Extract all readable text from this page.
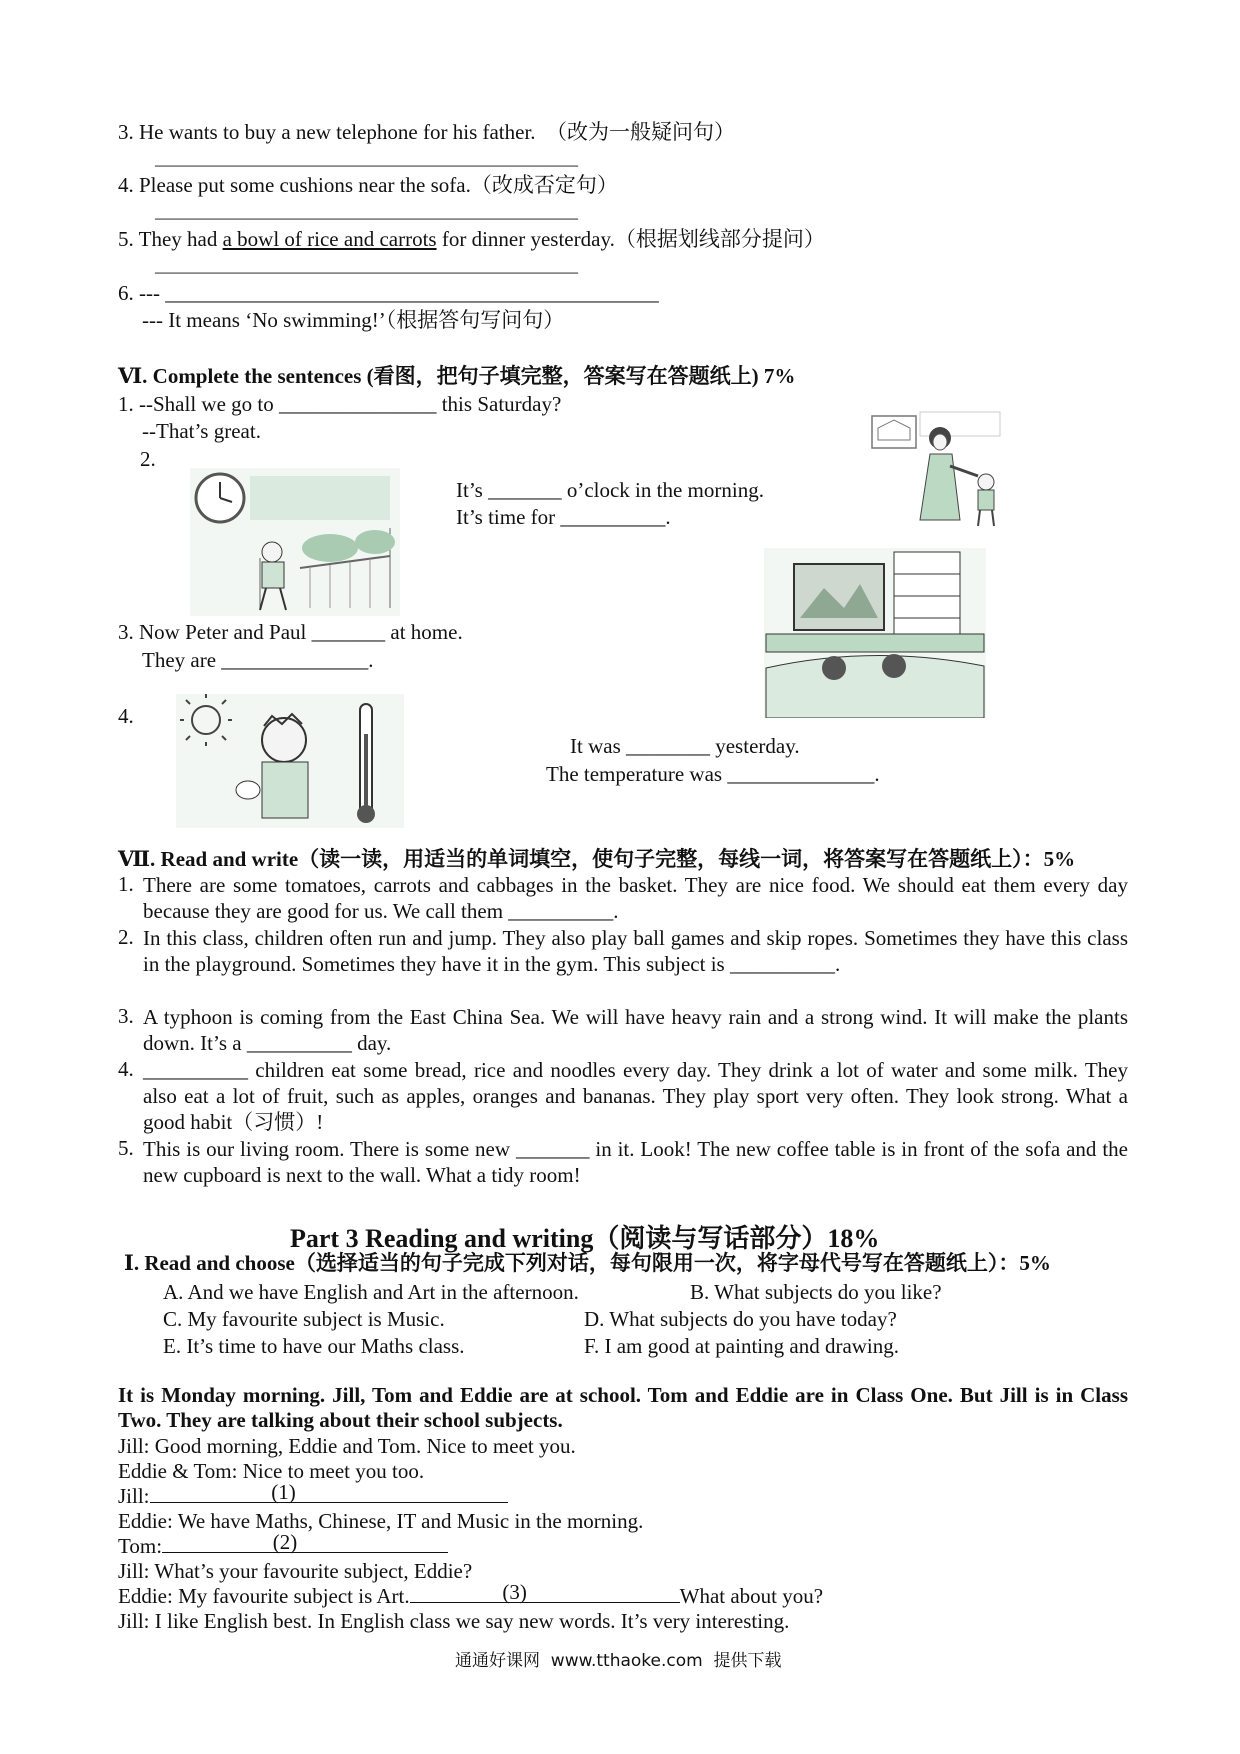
3. He wants to buy a new telephone for his father.  （改为一般疑问句）
_______________________________________________
4. Please put some cushions near the sofa.（改成否定句）
_______________________________________________
5. They had a bowl of rice and carrots for dinner yesterday.（根据划线部分提问）
_______________________________________________
6. --- _______________________________________________
--- It means ‘No swimming!’（根据答句写问句）
Ⅵ. Complete the sentences (看图，把句子填完整，答案写在答题纸上) 7%
1. --Shall we go to _______________ this Saturday?
--That’s great.
2.
It’s _______ o’clock in the morning.
It’s time for __________.
3. Now Peter and Paul _______ at home.
They are ______________.
4.
It was ________ yesterday.
The temperature was ______________.
Ⅶ. Read and write（读一读，用适当的单词填空，使句子完整，每线一词，将答案写在答题纸上）：5%
1. There are some tomatoes, carrots and cabbages in the basket. They are nice food. We should eat them every day because they are good for us. We call them __________.
2. In this class, children often run and jump. They also play ball games and skip ropes. Sometimes they have this class in the playground. Sometimes they have it in the gym. This subject is __________.
3. A typhoon is coming from the East China Sea. We will have heavy rain and a strong wind. It will make the plants down. It’s a __________ day.
4. __________ children eat some bread, rice and noodles every day. They drink a lot of water and some milk. They also eat a lot of fruit, such as apples, oranges and bananas. They play sport very often. They look strong. What a good habit（习惯）!
5. This is our living room. There is some new _______ in it. Look! The new coffee table is in front of the sofa and the new cupboard is next to the wall. What a tidy room!
Part 3 Reading and writing（阅读与写话部分）18%
Ⅰ. Read and choose（选择适当的句子完成下列对话，每句限用一次，将字母代号写在答题纸上）：5%
A. And we have English and Art in the afternoon.	B. What subjects do you like?
C. My favourite subject is Music.	D. What subjects do you have today?
E. It’s time to have our Maths class.	F. I am good at painting and drawing.
It is Monday morning. Jill, Tom and Eddie are at school. Tom and Eddie are in Class One. But Jill is in Class Two. They are talking about their school subjects.
Jill: Good morning, Eddie and Tom. Nice to meet you.
Eddie & Tom: Nice to meet you too.
Jill:	(1)
Eddie: We have Maths, Chinese, IT and Music in the morning.
Tom:	(2)
Jill: What’s your favourite subject, Eddie?
Eddie: My favourite subject is Art.	(3)	What about you?
Jill: I like English best. In English class we say new words. It’s very interesting.
通通好课网  www.tthaoke.com  提供下载
